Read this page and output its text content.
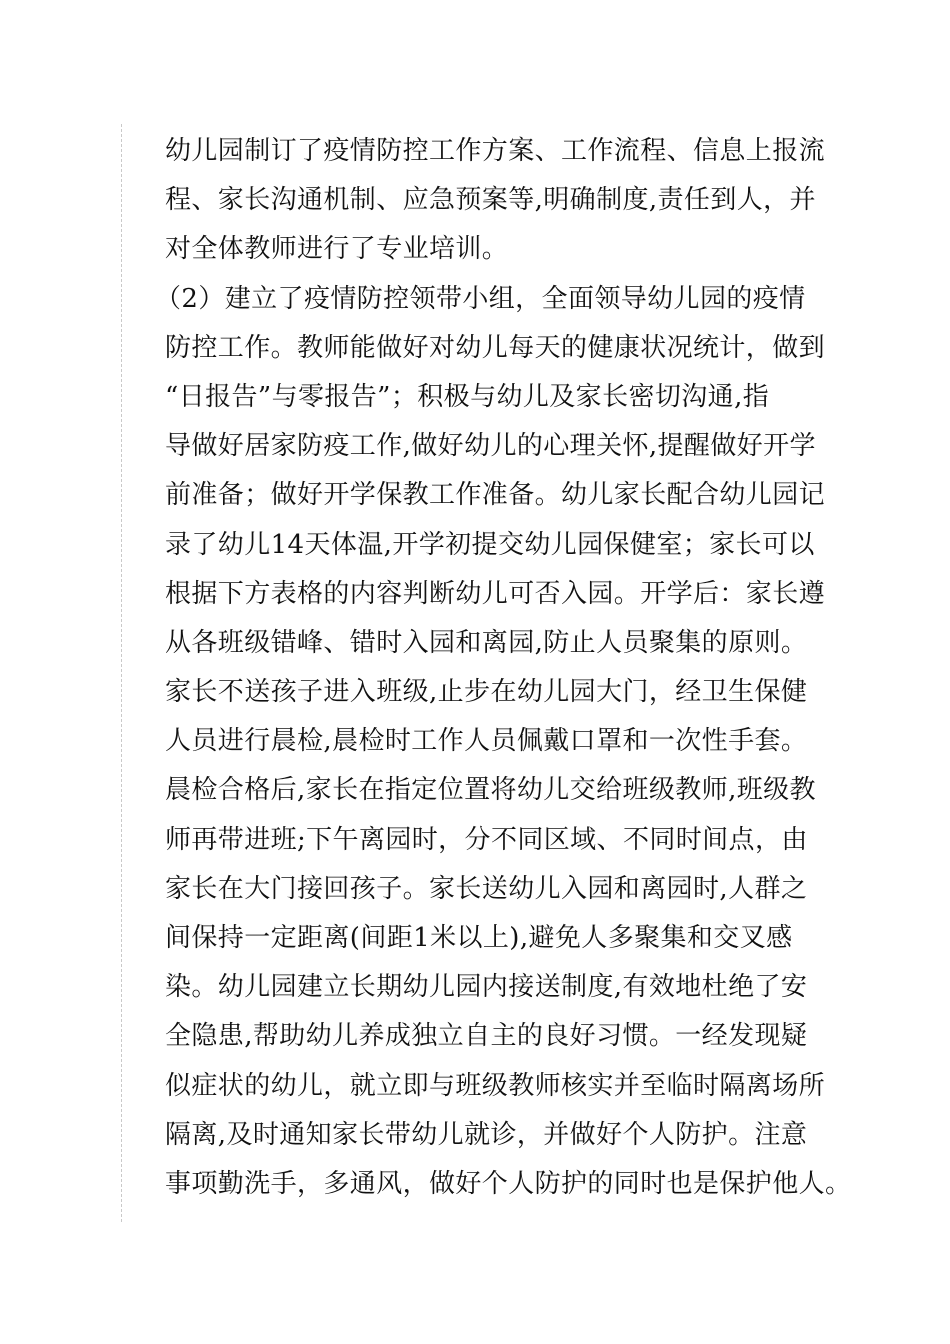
幼儿园制订了疫情防控工作方案、工作流程、信息上报流
程、家长沟通机制、应急预案等,明确制度,责任到人，并
对全体教师进行了专业培训。
（2）建立了疫情防控领带小组，全面领导幼儿园的疫情
防控工作。教师能做好对幼儿每天的健康状况统计，做到
“日报告”与零报告”；积极与幼儿及家长密切沟通,指
导做好居家防疫工作,做好幼儿的心理关怀,提醒做好开学
前准备；做好开学保教工作准备。幼儿家长配合幼儿园记
录了幼儿14天体温,开学初提交幼儿园保健室；家长可以
根据下方表格的内容判断幼儿可否入园。开学后：家长遵
从各班级错峰、错时入园和离园,防止人员聚集的原则。
家长不送孩子进入班级,止步在幼儿园大门，经卫生保健
人员进行晨检,晨检时工作人员佩戴口罩和一次性手套。
晨检合格后,家长在指定位置将幼儿交给班级教师,班级教
师再带进班;下午离园时，分不同区域、不同时间点，由
家长在大门接回孩子。家长送幼儿入园和离园时,人群之
间保持一定距离(间距1米以上),避免人多聚集和交叉感
染。幼儿园建立长期幼儿园内接送制度,有效地杜绝了安
全隐患,帮助幼儿养成独立自主的良好习惯。一经发现疑
似症状的幼儿，就立即与班级教师核实并至临时隔离场所
隔离,及时通知家长带幼儿就诊，并做好个人防护。注意
事项勤洗手，多通风，做好个人防护的同时也是保护他人。
